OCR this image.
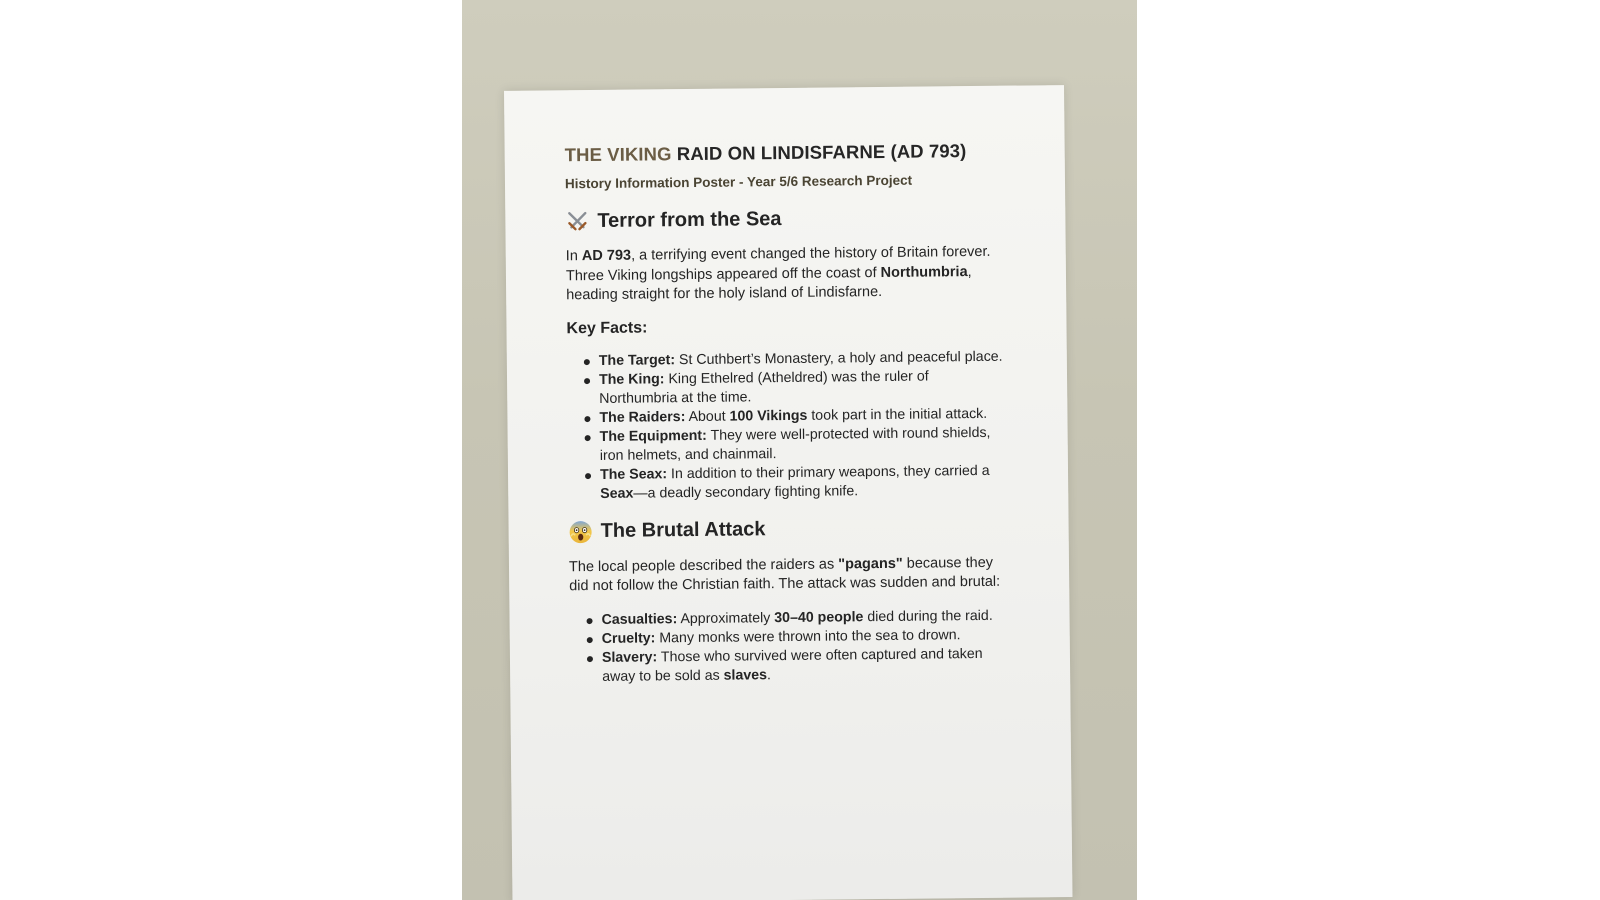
THE VIKING RAID ON LINDISFARNE (AD 793)
History Information Poster - Year 5/6 Research Project
Terror from the Sea

In AD 793, a terrifying event changed the history of Britain forever. Three Viking longships appeared off the coast of Northumbria, heading straight for the holy island of Lindisfarne.

Key Facts:
The Target: St Cuthbert’s Monastery, a holy and peaceful place.
The King: King Ethelred (Atheldred) was the ruler of Northumbria at the time.
The Raiders: About 100 Vikings took part in the initial attack.
The Equipment: They were well-protected with round shields, iron helmets, and chainmail.
The Seax: In addition to their primary weapons, they carried a Seax—a deadly secondary fighting knife.
The Brutal Attack

The local people described the raiders as "pagans" because they did not follow the Christian faith. The attack was sudden and brutal:

Casualties: Approximately 30–40 people died during the raid.
Cruelty: Many monks were thrown into the sea to drown.
Slavery: Those who survived were often captured and taken away to be sold as slaves.
